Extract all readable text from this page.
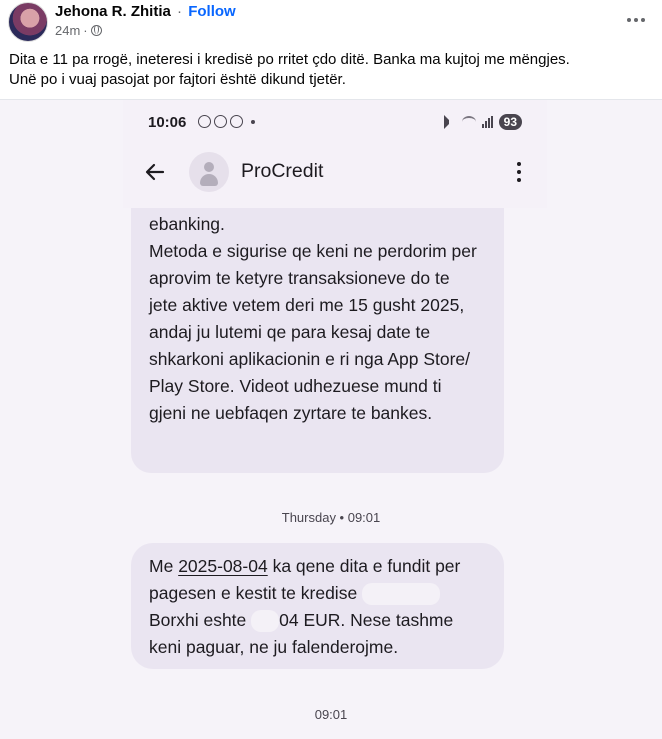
Jehona R. Zhitia · Follow
24m ·
Dita e 11 pa rrogë, ineteresi i kredisë po rritet çdo ditë. Banka ma kujtoj me mëngjes.
Unë po i vuaj pasojat por fajtori është dikund tjetër.
ebanking.
Metoda e sigurise qe keni ne perdorim per
aprovim te ketyre transaksioneve do te
jete aktive vetem deri me 15 gusht 2025,
andaj ju lutemi qe para kesaj date te
shkarkoni aplikacionin e ri nga App Store/
Play Store. Videot udhezuese mund ti
gjeni ne uebfaqen zyrtare te bankes.
10:06	93
ProCredit
Thursday • 09:01
Me 2025-08-04 ka qene dita e fundit per
pagesen e kestit te kredise
Borxhi eshte 04 EUR. Nese tashme
keni paguar, ne ju falenderojme.
09:01
